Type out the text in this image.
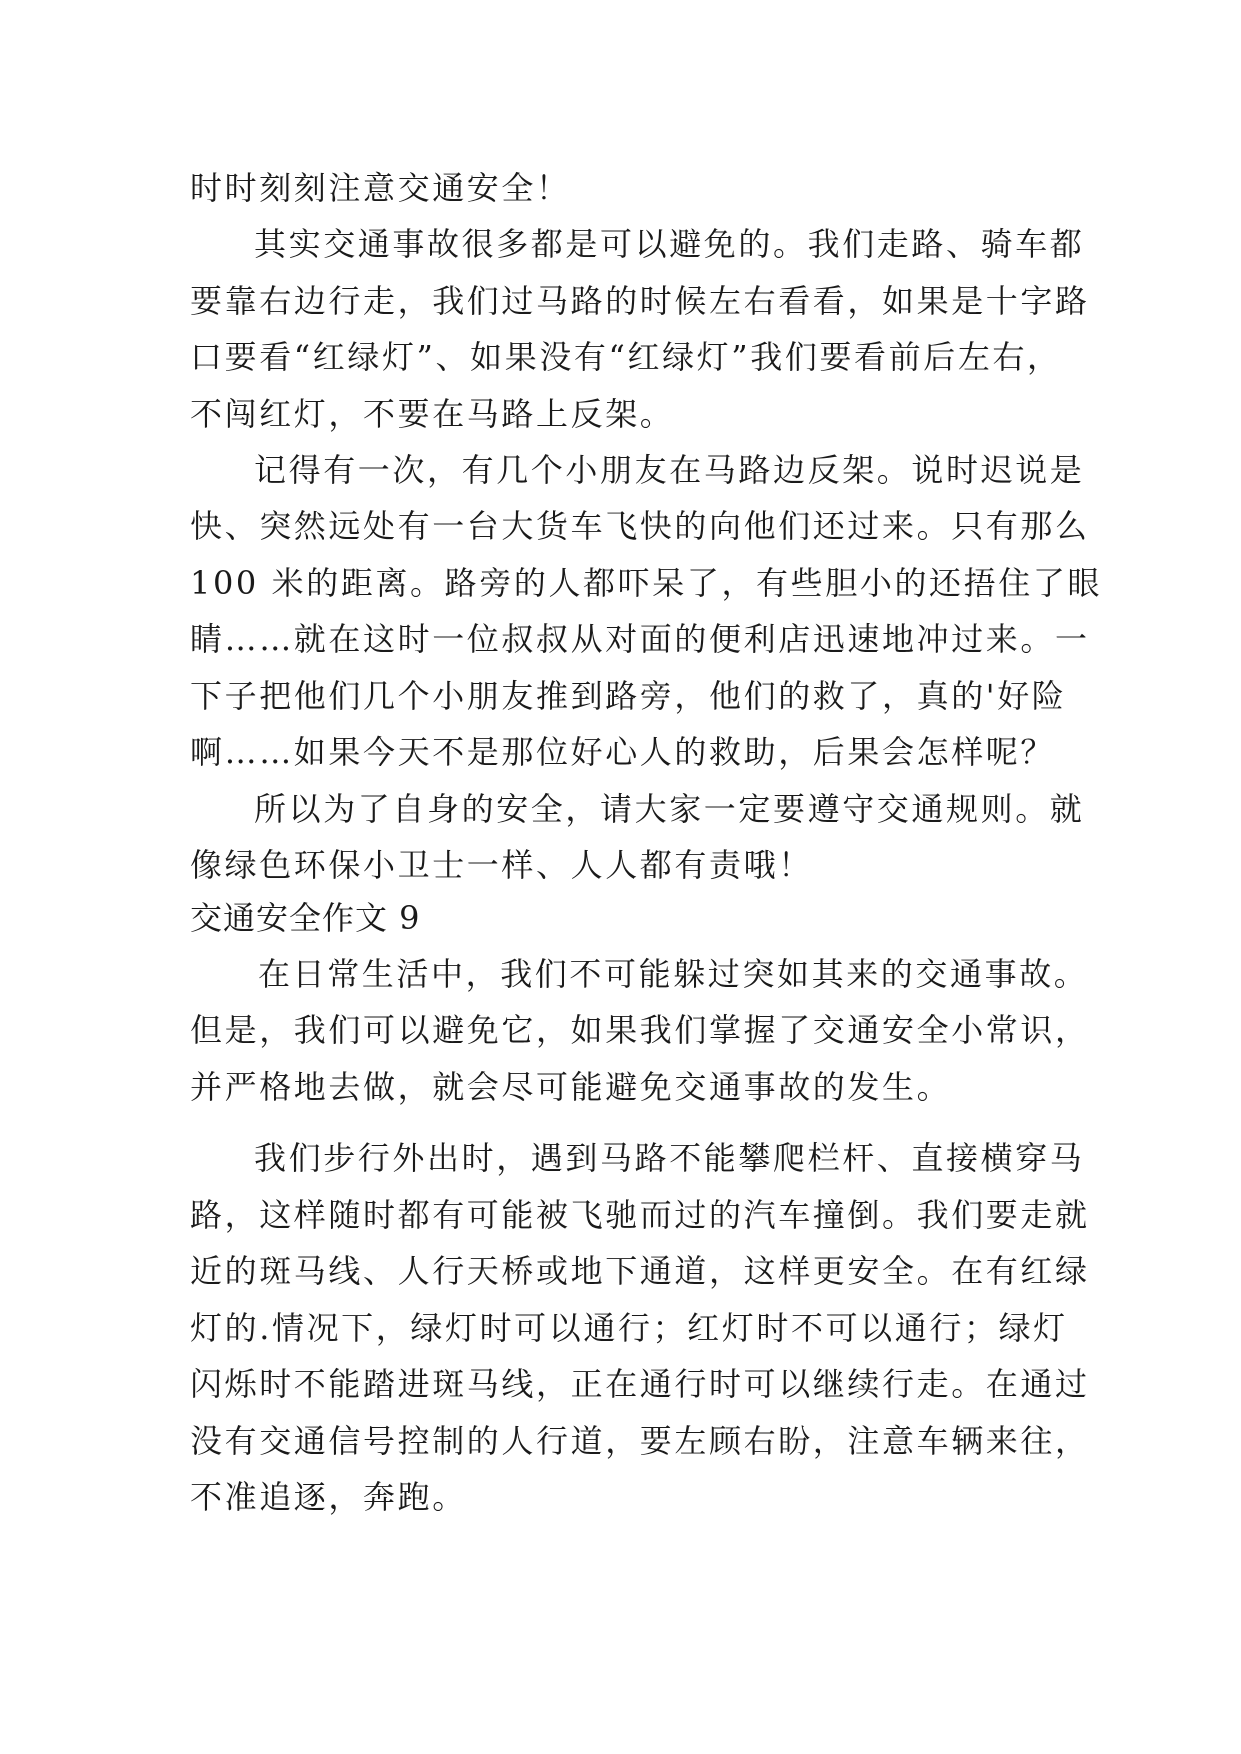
时时刻刻注意交通安全！
其实交通事故很多都是可以避免的。我们走路、骑车都
要靠右边行走，我们过马路的时候左右看看，如果是十字路
口要看“红绿灯”、如果没有“红绿灯”我们要看前后左右，
不闯红灯，不要在马路上反架。
记得有一次，有几个小朋友在马路边反架。说时迟说是
快、突然远处有一台大货车飞快的向他们还过来。只有那么
100 米的距离。路旁的人都吓呆了，有些胆小的还捂住了眼
睛……就在这时一位叔叔从对面的便利店迅速地冲过来。一
下子把他们几个小朋友推到路旁，他们的救了，真的'好险
啊……如果今天不是那位好心人的救助，后果会怎样呢？
所以为了自身的安全，请大家一定要遵守交通规则。就
像绿色环保小卫士一样、人人都有责哦！
交通安全作文 9
在日常生活中，我们不可能躲过突如其来的交通事故。
但是，我们可以避免它，如果我们掌握了交通安全小常识，
并严格地去做，就会尽可能避免交通事故的发生。
我们步行外出时，遇到马路不能攀爬栏杆、直接横穿马
路，这样随时都有可能被飞驰而过的汽车撞倒。我们要走就
近的斑马线、人行天桥或地下通道，这样更安全。在有红绿
灯的.情况下，绿灯时可以通行；红灯时不可以通行；绿灯
闪烁时不能踏进斑马线，正在通行时可以继续行走。在通过
没有交通信号控制的人行道，要左顾右盼，注意车辆来往，
不准追逐，奔跑。
